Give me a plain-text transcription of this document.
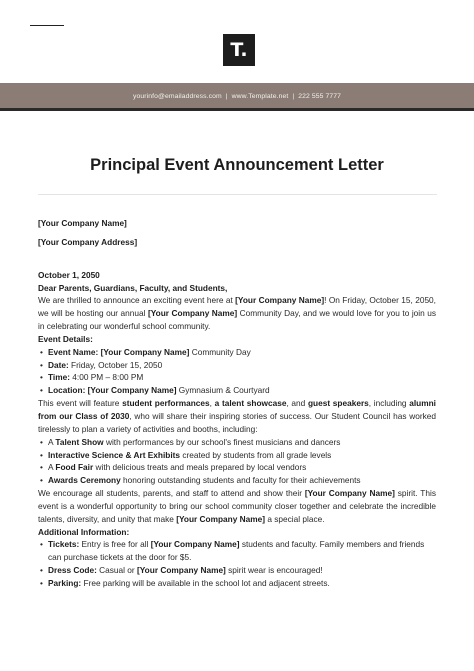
T.
yourinfo@emailaddress.com | www.Template.net | 222 555 7777
Principal Event Announcement Letter

[Your Company Name]

[Your Company Address]

October 1, 2050

Dear Parents, Guardians, Faculty, and Students,

We are thrilled to announce an exciting event here at [Your Company Name]! On Friday, October 15, 2050, we will be hosting our annual [Your Company Name] Community Day, and we would love for you to join us in celebrating our wonderful school community.

Event Details:

• Event Name: [Your Company Name] Community Day
• Date: Friday, October 15, 2050
• Time: 4:00 PM – 8:00 PM
• Location: [Your Company Name] Gymnasium & Courtyard

This event will feature student performances, a talent showcase, and guest speakers, including alumni from our Class of 2030, who will share their inspiring stories of success. Our Student Council has worked tirelessly to plan a variety of activities and booths, including:

• A Talent Show with performances by our school's finest musicians and dancers
• Interactive Science & Art Exhibits created by students from all grade levels
• A Food Fair with delicious treats and meals prepared by local vendors
• Awards Ceremony honoring outstanding students and faculty for their achievements

We encourage all students, parents, and staff to attend and show their [Your Company Name] spirit. This event is a wonderful opportunity to bring our school community closer together and celebrate the incredible talents, diversity, and unity that make [Your Company Name] a special place.

Additional Information:

• Tickets: Entry is free for all [Your Company Name] students and faculty. Family members and friends can purchase tickets at the door for $5.
• Dress Code: Casual or [Your Company Name] spirit wear is encouraged!
• Parking: Free parking will be available in the school lot and adjacent streets.
